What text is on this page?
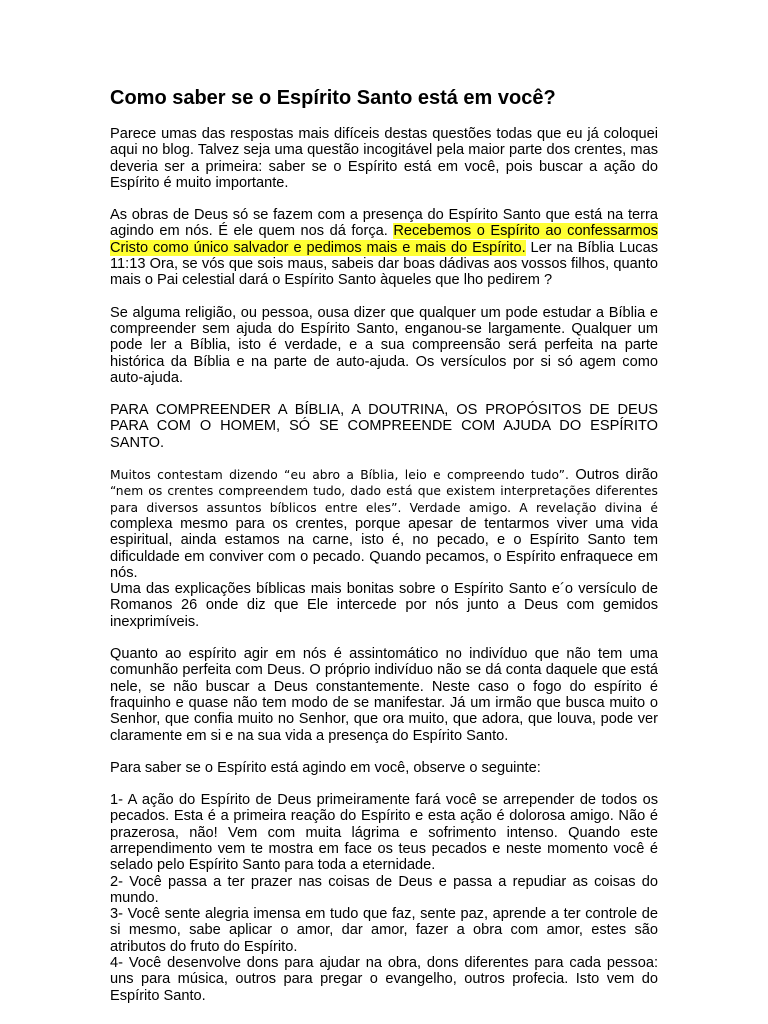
Como saber se o Espírito Santo está em você?

Parece umas das respostas mais difíceis destas questões todas que eu já coloquei aqui no blog. Talvez seja uma questão incogitável pela maior parte dos crentes, mas deveria ser a primeira: saber se o Espírito está em você, pois buscar a ação do Espírito é muito importante.

As obras de Deus só se fazem com a presença do Espírito Santo que está na terra agindo em nós. É ele quem nos dá força. Recebemos o Espírito ao confessarmos Cristo como único salvador e pedimos mais e mais do Espírito. Ler na Bíblia Lucas 11:13 Ora, se vós que sois maus, sabeis dar boas dádivas aos vossos filhos, quanto mais o Pai celestial dará o Espírito Santo àqueles que lho pedirem ?

Se alguma religião, ou pessoa, ousa dizer que qualquer um pode estudar a Bíblia e compreender sem ajuda do Espírito Santo, enganou-se largamente. Qualquer um pode ler a Bíblia, isto é verdade, e a sua compreensão será perfeita na parte histórica da Bíblia e na parte de auto-ajuda. Os versículos por si só agem como auto-ajuda.

PARA COMPREENDER A BÍBLIA, A DOUTRINA, OS PROPÓSITOS DE DEUS PARA COM O HOMEM, SÓ SE COMPREENDE COM AJUDA DO ESPÍRITO SANTO.

Muitos contestam dizendo “eu abro a Bíblia, leio e compreendo tudo”. Outros dirão “nem os crentes compreendem tudo, dado está que existem interpretações diferentes para diversos assuntos bíblicos entre eles”. Verdade amigo. A revelação divina é complexa mesmo para os crentes, porque apesar de tentarmos viver uma vida espiritual, ainda estamos na carne, isto é, no pecado, e o Espírito Santo tem dificuldade em conviver com o pecado. Quando pecamos, o Espírito enfraquece em nós.

Uma das explicações bíblicas mais bonitas sobre o Espírito Santo e´o versículo de Romanos 26 onde diz que Ele intercede por nós junto a Deus com gemidos inexprimíveis.

Quanto ao espírito agir em nós é assintomático no indivíduo que não tem uma comunhão perfeita com Deus. O próprio indivíduo não se dá conta daquele que está nele, se não buscar a Deus constantemente. Neste caso o fogo do espírito é fraquinho e quase não tem modo de se manifestar. Já um irmão que busca muito o Senhor, que confia muito no Senhor, que ora muito, que adora, que louva, pode ver claramente em si e na sua vida a presença do Espírito Santo.

Para saber se o Espírito está agindo em você, observe o seguinte:

1- A ação do Espírito de Deus primeiramente fará você se arrepender de todos os pecados. Esta é a primeira reação do Espírito e esta ação é dolorosa amigo. Não é prazerosa, não! Vem com muita lágrima e sofrimento intenso. Quando este arrependimento vem te mostra em face os teus pecados e neste momento você é selado pelo Espírito Santo para toda a eternidade.

2- Você passa a ter prazer nas coisas de Deus e passa a repudiar as coisas do mundo.

3- Você sente alegria imensa em tudo que faz, sente paz, aprende a ter controle de si mesmo, sabe aplicar o amor, dar amor, fazer a obra com amor, estes são atributos do fruto do Espírito.

4- Você desenvolve dons para ajudar na obra, dons diferentes para cada pessoa: uns para música, outros para pregar o evangelho, outros profecia. Isto vem do Espírito Santo.
